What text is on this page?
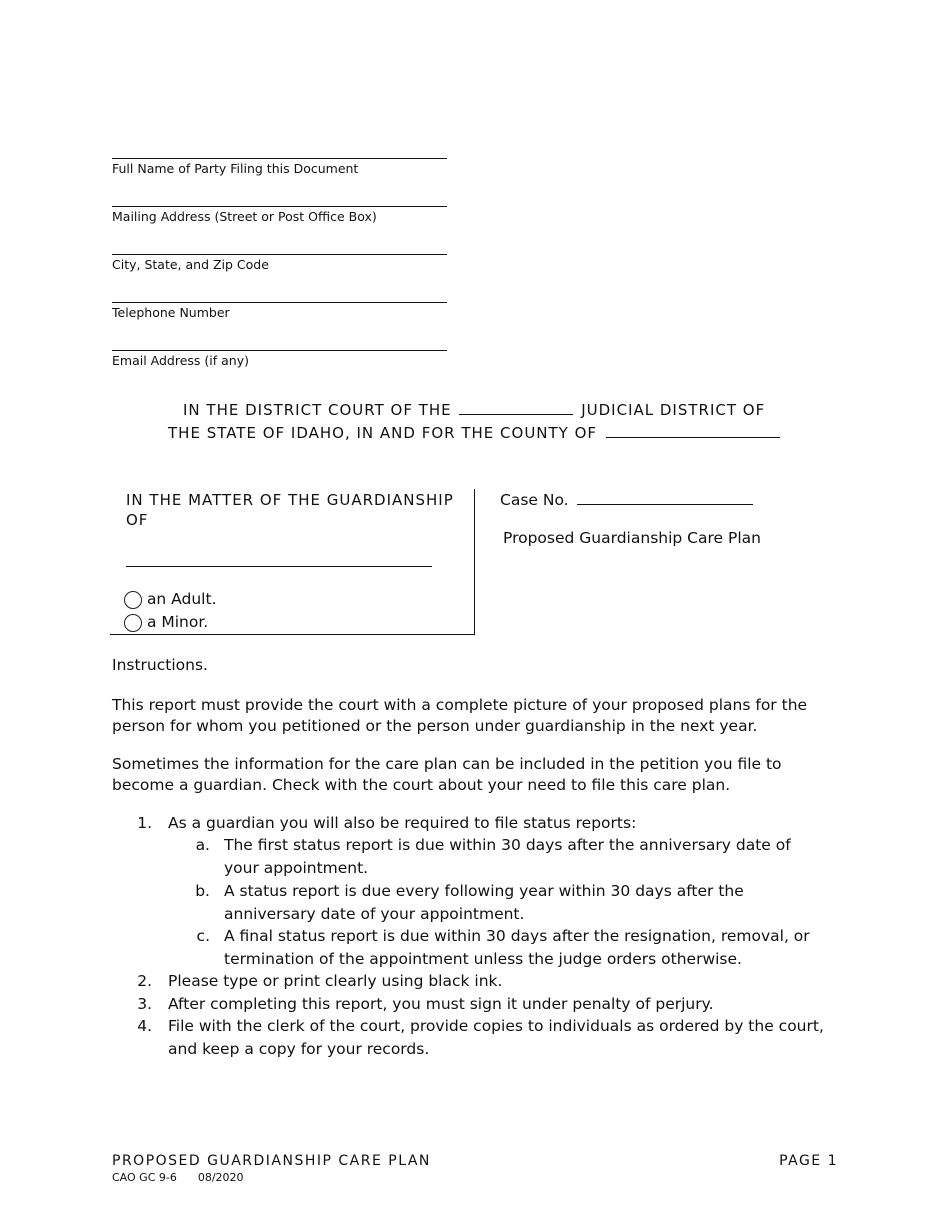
Full Name of Party Filing this Document
Mailing Address (Street or Post Office Box)
City, State, and Zip Code
Telephone Number
Email Address (if any)
IN THE DISTRICT COURT OF THE	JUDICIAL DISTRICT OF
THE STATE OF IDAHO, IN AND FOR THE COUNTY OF
IN THE MATTER OF THE GUARDIANSHIP OF
an Adult.
a Minor.
Case No.
Proposed Guardianship Care Plan
Instructions.
This report must provide the court with a complete picture of your proposed plans for the person for whom you petitioned or the person under guardianship in the next year.
Sometimes the information for the care plan can be included in the petition you file to become a guardian. Check with the court about your need to file this care plan.
1. As a guardian you will also be required to file status reports:
a. The first status report is due within 30 days after the anniversary date of your appointment.
b. A status report is due every following year within 30 days after the anniversary date of your appointment.
c. A final status report is due within 30 days after the resignation, removal, or termination of the appointment unless the judge orders otherwise.
2. Please type or print clearly using black ink.
3. After completing this report, you must sign it under penalty of perjury.
4. File with the clerk of the court, provide copies to individuals as ordered by the court, and keep a copy for your records.
PROPOSED GUARDIANSHIP CARE PLAN
CAO GC 9-6 08/2020
PAGE 1
